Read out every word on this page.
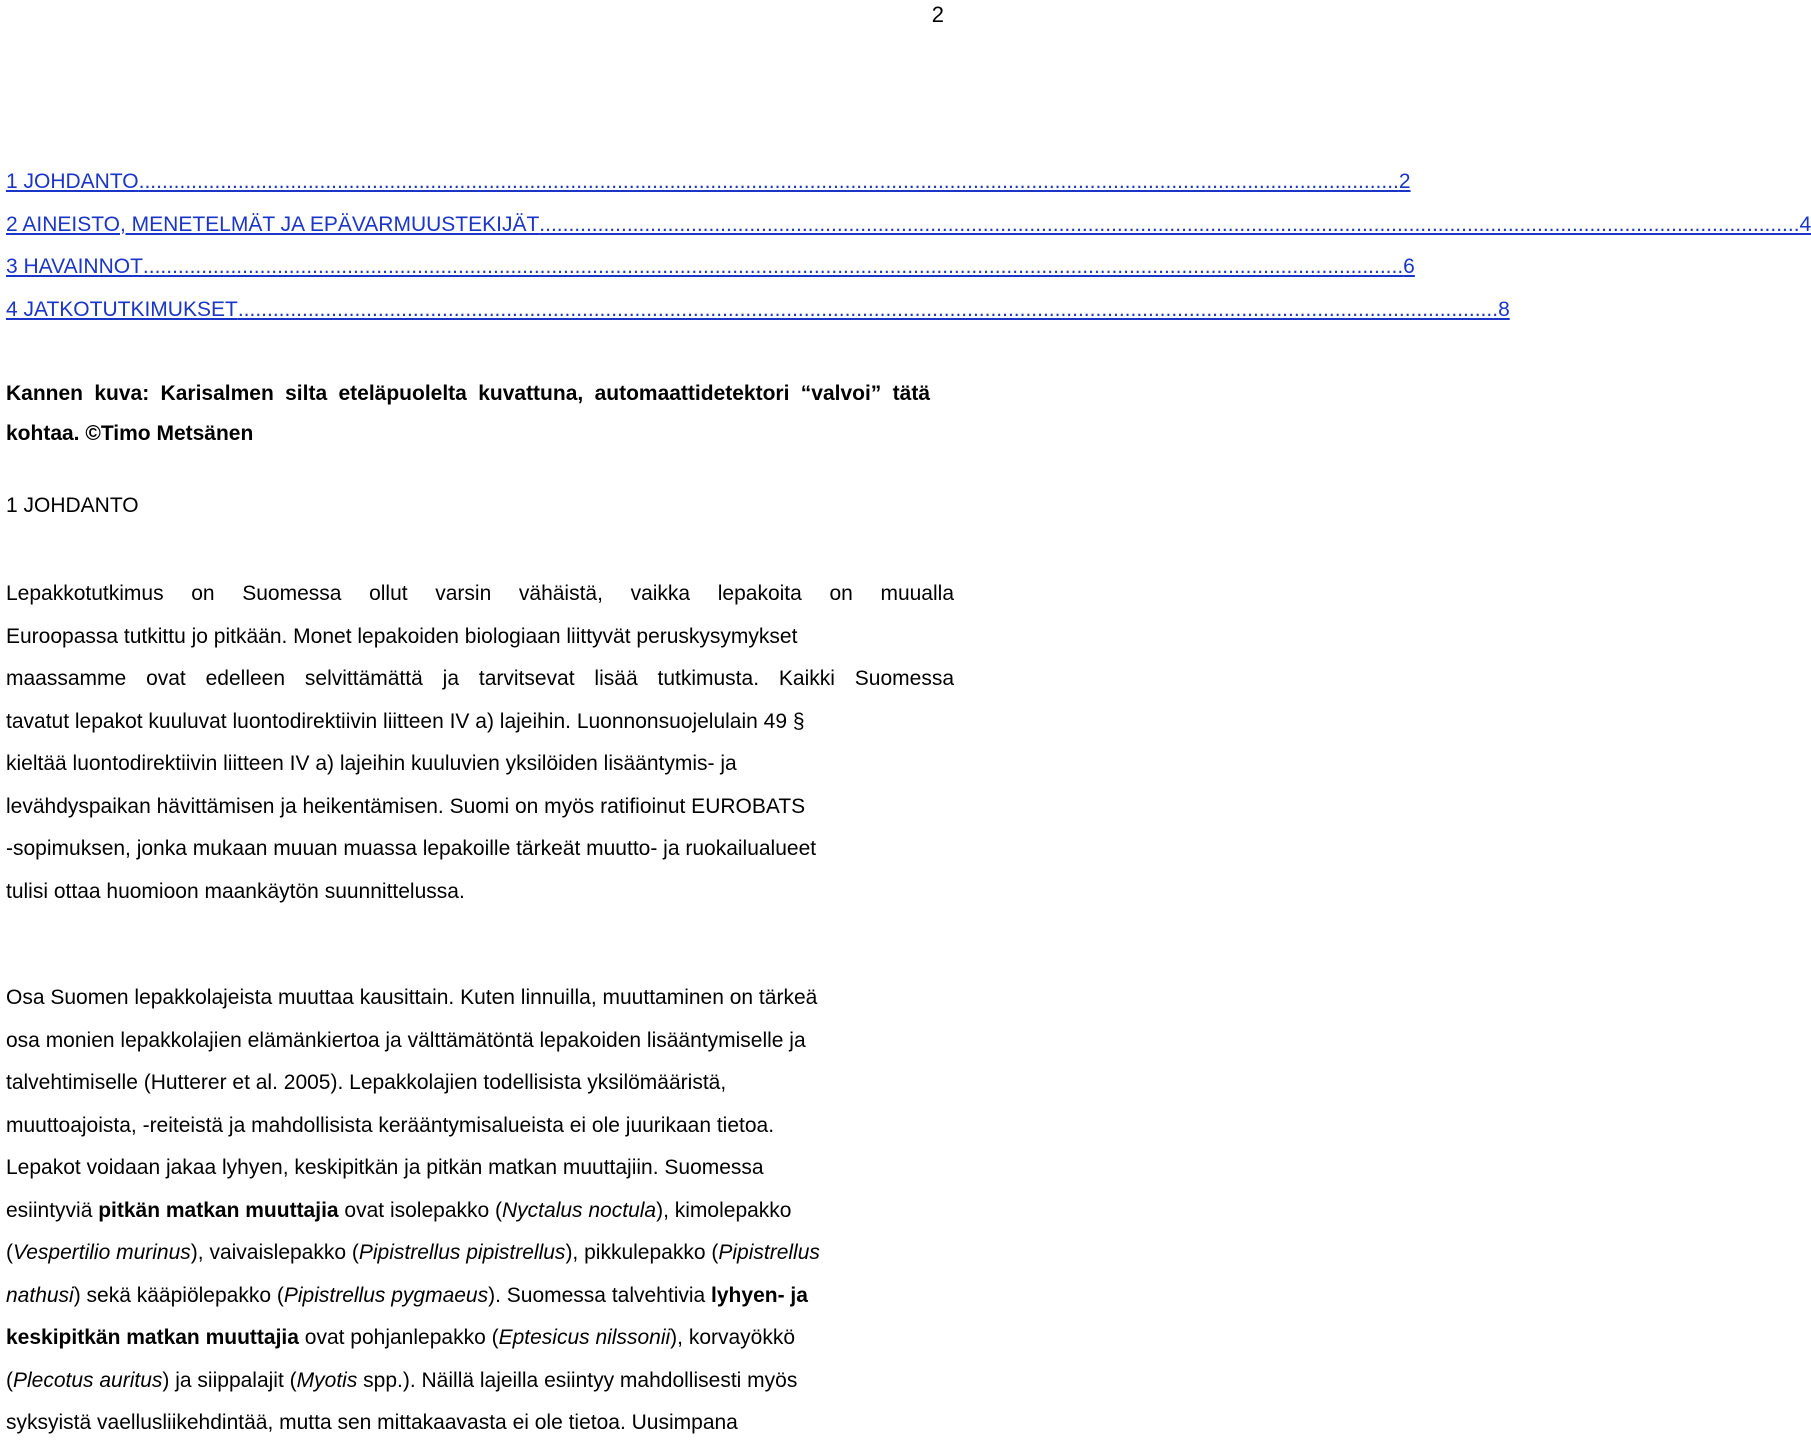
2
1 JOHDANTO ........................................................................................................................................................................................................................ 2
2 AINEISTO, MENETELMÄT JA EPÄVARMUUSTEKIJÄT ........................................................................................................................................................................................................................ 4
3 HAVAINNOT ........................................................................................................................................................................................................................ 6
4 JATKOTUTKIMUKSET ........................................................................................................................................................................................................................ 8
Kannen kuva: Karisalmen silta eteläpuolelta kuvattuna, automaattidetektori “valvoi” tätä
kohtaa. ©Timo Metsänen
1 JOHDANTO
Lepakkotutkimus on Suomessa ollut varsin vähäistä, vaikka lepakoita on muualla
Euroopassa tutkittu jo pitkään. Monet lepakoiden biologiaan liittyvät peruskysymykset
maassamme ovat edelleen selvittämättä ja tarvitsevat lisää tutkimusta. Kaikki Suomessa
tavatut lepakot kuuluvat luontodirektiivin liitteen IV a) lajeihin. Luonnonsuojelulain 49 §
kieltää luontodirektiivin liitteen IV a) lajeihin kuuluvien yksilöiden lisääntymis- ja
levähdyspaikan hävittämisen ja heikentämisen. Suomi on myös ratifioinut EUROBATS
-sopimuksen, jonka mukaan muuan muassa lepakoille tärkeät muutto- ja ruokailualueet
tulisi ottaa huomioon maankäytön suunnittelussa.
Osa Suomen lepakkolajeista muuttaa kausittain. Kuten linnuilla, muuttaminen on tärkeä
osa monien lepakkolajien elämänkiertoa ja välttämätöntä lepakoiden lisääntymiselle ja
talvehtimiselle (Hutterer et al. 2005). Lepakkolajien todellisista yksilömääristä,
muuttoajoista, -reiteistä ja mahdollisista kerääntymisalueista ei ole juurikaan tietoa.
Lepakot voidaan jakaa lyhyen, keskipitkän ja pitkän matkan muuttajiin. Suomessa
esiintyviä pitkän matkan muuttajia ovat isolepakko (Nyctalus noctula), kimolepakko
(Vespertilio murinus), vaivaislepakko (Pipistrellus pipistrellus), pikkulepakko (Pipistrellus
nathusi) sekä kääpiölepakko (Pipistrellus pygmaeus). Suomessa talvehtivia lyhyen- ja
keskipitkän matkan muuttajia ovat pohjanlepakko (Eptesicus nilssonii), korvayökkö
(Plecotus auritus) ja siippalajit (Myotis spp.). Näillä lajeilla esiintyy mahdollisesti myös
syksyistä vaellusliikehdintää, mutta sen mittakaavasta ei ole tietoa. Uusimpana
